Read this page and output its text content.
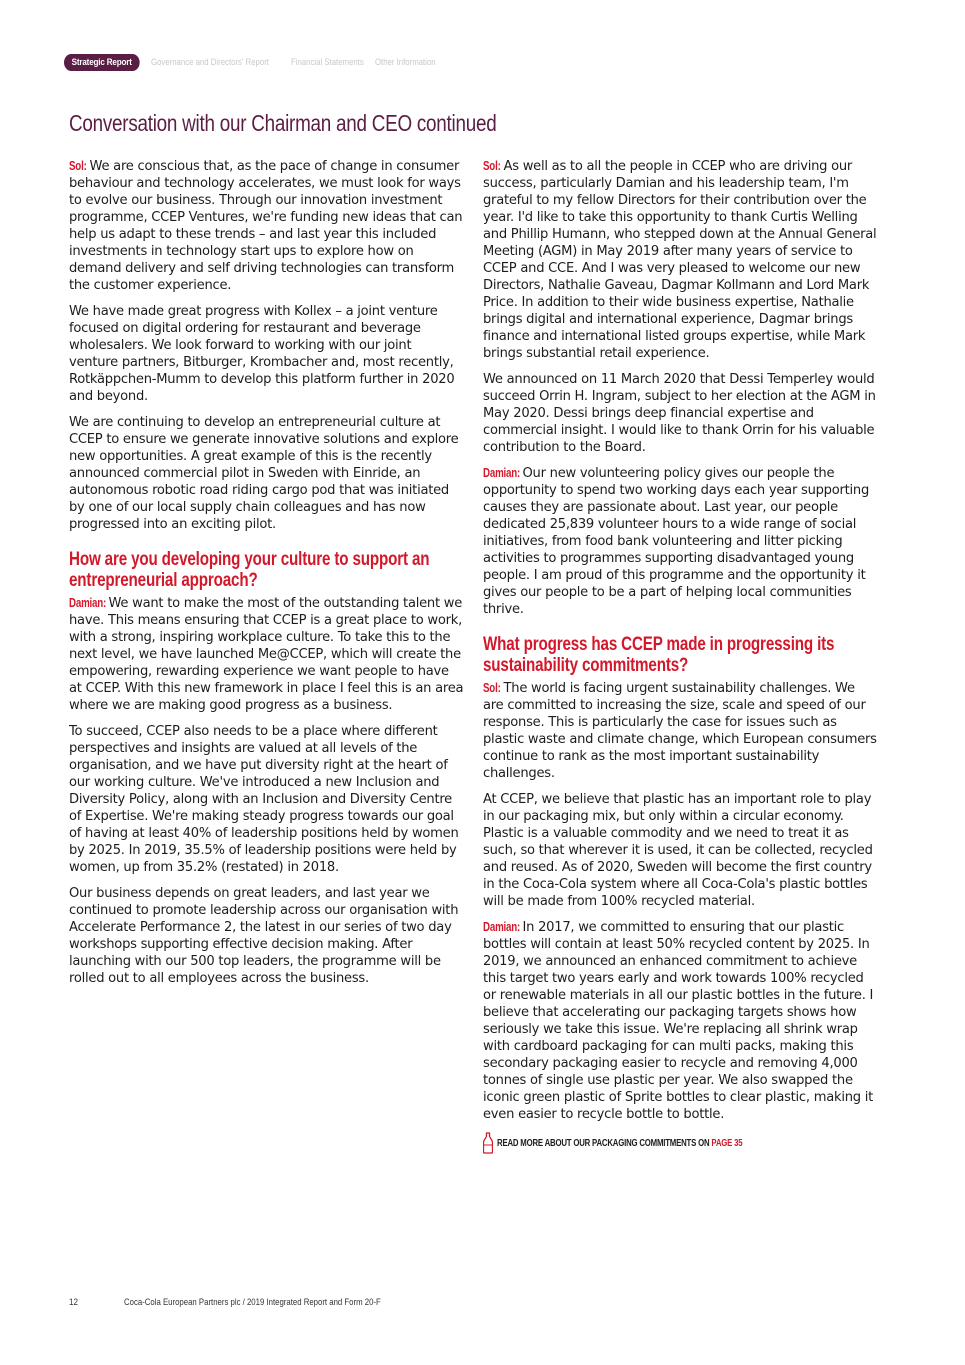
Strategic Report	Governance and Directors' Report Financial Statements Other Information
Conversation with our Chairman and CEO continued

Sol: We are conscious that, as the pace of change in consumer behaviour and technology accelerates, we must look for ways to evolve our business. Through our innovation investment programme, CCEP Ventures, we're funding new ideas that can help us adapt to these trends – and last year this included investments in technology start ups to explore how on demand delivery and self driving technologies can transform the customer experience.

We have made great progress with Kollex – a joint venture focused on digital ordering for restaurant and beverage wholesalers. We look forward to working with our joint venture partners, Bitburger, Krombacher and, most recently, Rotkäppchen-Mumm to develop this platform further in 2020 and beyond.

We are continuing to develop an entrepreneurial culture at CCEP to ensure we generate innovative solutions and explore new opportunities. A great example of this is the recently announced commercial pilot in Sweden with Einride, an autonomous robotic road riding cargo pod that was initiated by one of our local supply chain colleagues and has now progressed into an exciting pilot.

How are you developing your culture to support an entrepreneurial approach?

Damian: We want to make the most of the outstanding talent we have. This means ensuring that CCEP is a great place to work, with a strong, inspiring workplace culture. To take this to the next level, we have launched Me@CCEP, which will create the empowering, rewarding experience we want people to have at CCEP. With this new framework in place I feel this is an area where we are making good progress as a business.

To succeed, CCEP also needs to be a place where different perspectives and insights are valued at all levels of the organisation, and we have put diversity right at the heart of our working culture. We've introduced a new Inclusion and Diversity Policy, along with an Inclusion and Diversity Centre of Expertise. We're making steady progress towards our goal of having at least 40% of leadership positions held by women by 2025. In 2019, 35.5% of leadership positions were held by women, up from 35.2% (restated) in 2018.

Our business depends on great leaders, and last year we continued to promote leadership across our organisation with Accelerate Performance 2, the latest in our series of two day workshops supporting effective decision making. After launching with our 500 top leaders, the programme will be rolled out to all employees across the business.

Sol: As well as to all the people in CCEP who are driving our success, particularly Damian and his leadership team, I'm grateful to my fellow Directors for their contribution over the year. I'd like to take this opportunity to thank Curtis Welling and Phillip Humann, who stepped down at the Annual General Meeting (AGM) in May 2019 after many years of service to CCEP and CCE. And I was very pleased to welcome our new Directors, Nathalie Gaveau, Dagmar Kollmann and Lord Mark Price. In addition to their wide business expertise, Nathalie brings digital and international experience, Dagmar brings finance and international listed groups expertise, while Mark brings substantial retail experience.

We announced on 11 March 2020 that Dessi Temperley would succeed Orrin H. Ingram, subject to her election at the AGM in May 2020. Dessi brings deep financial expertise and commercial insight. I would like to thank Orrin for his valuable contribution to the Board.

Damian: Our new volunteering policy gives our people the opportunity to spend two working days each year supporting causes they are passionate about. Last year, our people dedicated 25,839 volunteer hours to a wide range of social initiatives, from food bank volunteering and litter picking activities to programmes supporting disadvantaged young people. I am proud of this programme and the opportunity it gives our people to be a part of helping local communities thrive.

What progress has CCEP made in progressing its sustainability commitments?

Sol: The world is facing urgent sustainability challenges. We are committed to increasing the size, scale and speed of our response. This is particularly the case for issues such as plastic waste and climate change, which European consumers continue to rank as the most important sustainability challenges.

At CCEP, we believe that plastic has an important role to play in our packaging mix, but only within a circular economy. Plastic is a valuable commodity and we need to treat it as such, so that wherever it is used, it can be collected, recycled and reused. As of 2020, Sweden will become the first country in the Coca-Cola system where all Coca-Cola's plastic bottles will be made from 100% recycled material.

Damian: In 2017, we committed to ensuring that our plastic bottles will contain at least 50% recycled content by 2025. In 2019, we announced an enhanced commitment to achieve this target two years early and work towards 100% recycled or renewable materials in all our plastic bottles in the future. I believe that accelerating our packaging targets shows how seriously we take this issue. We're replacing all shrink wrap with cardboard packaging for can multi packs, making this secondary packaging easier to recycle and removing 4,000 tonnes of single use plastic per year. We also swapped the iconic green plastic of Sprite bottles to clear plastic, making it even easier to recycle bottle to bottle.

READ MORE ABOUT OUR PACKAGING COMMITMENTS ON PAGE 35
12	Coca-Cola European Partners plc / 2019 Integrated Report and Form 20-F
